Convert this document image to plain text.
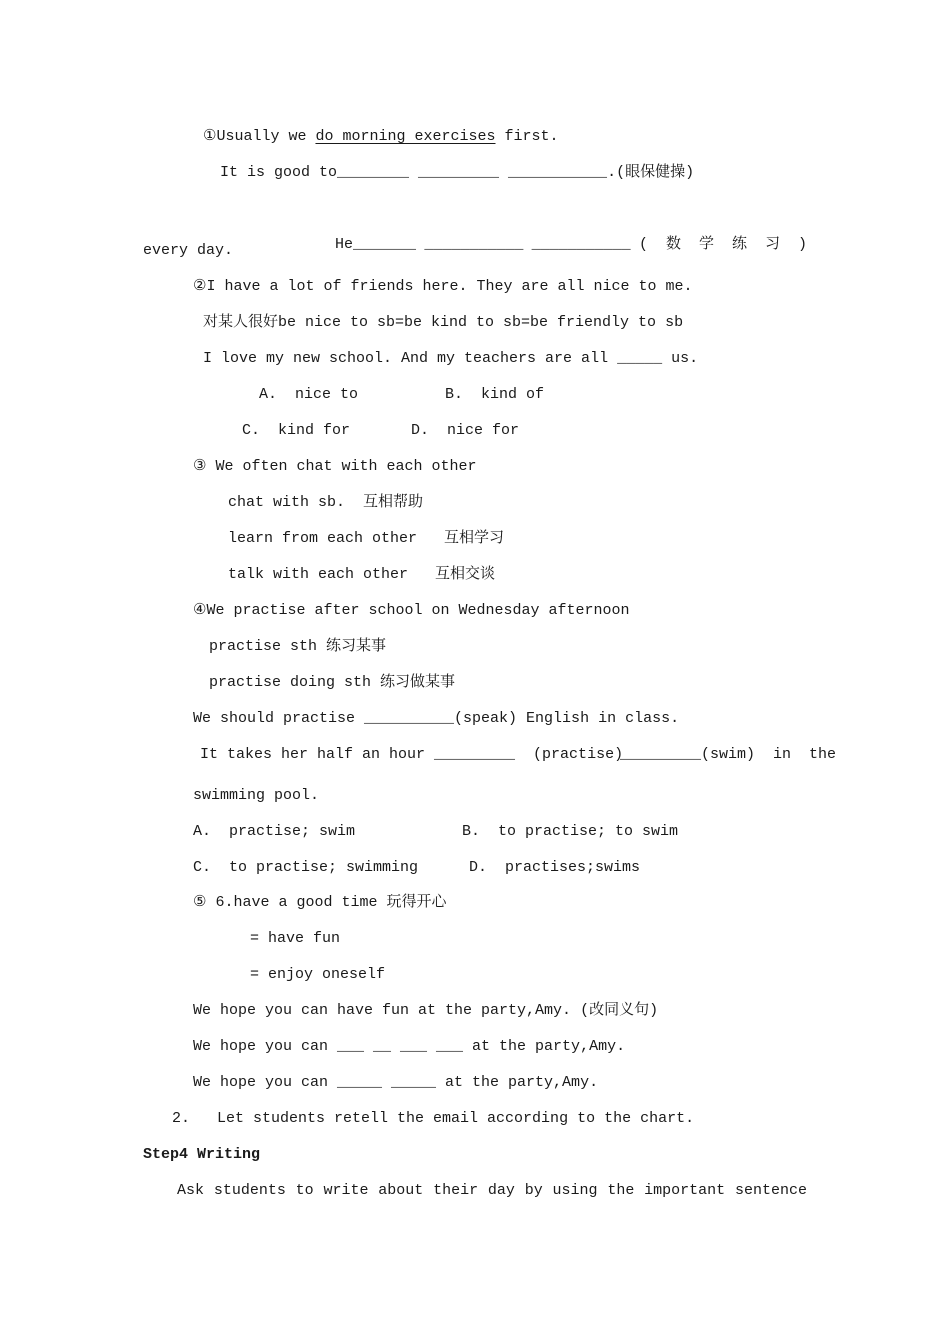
①Usually we do morning exercises first.
It is good to________ _________ ___________.(眼保健操)

He_______ ___________ ___________ (  数  学  练  习  )

every day.
②I have a lot of friends here. They are all nice to me.
对某人很好be nice to sb=be kind to sb=be friendly to sb
I love my new school. And my teachers are all _____ us.
A.  nice to	B.  kind of
C.  kind for	D.  nice for
③ We often chat with each other
chat with sb.  互相帮助
learn from each other   互相学习
talk with each other   互相交谈
④We practise after school on Wednesday afternoon
practise sth 练习某事
practise doing sth 练习做某事
We should practise __________(speak) English in class.
It takes her half an hour _________  (practise)
_________(swim)  in  the
swimming pool.
A.  practise; swim	B.  to practise; to swim
C.  to practise; swimming	D.  practises;swims
⑤ 6.have a good time 玩得开心
= have fun
= enjoy oneself
We hope you can have fun at the party,Amy. (改同义句)
We hope you can ___ __ ___ ___ at the party,Amy.
We hope you can _____ _____ at the party,Amy.
2.   Let students retell the email according to the chart.
Step4 Writing
Ask students to write about their day by using the important sentence
